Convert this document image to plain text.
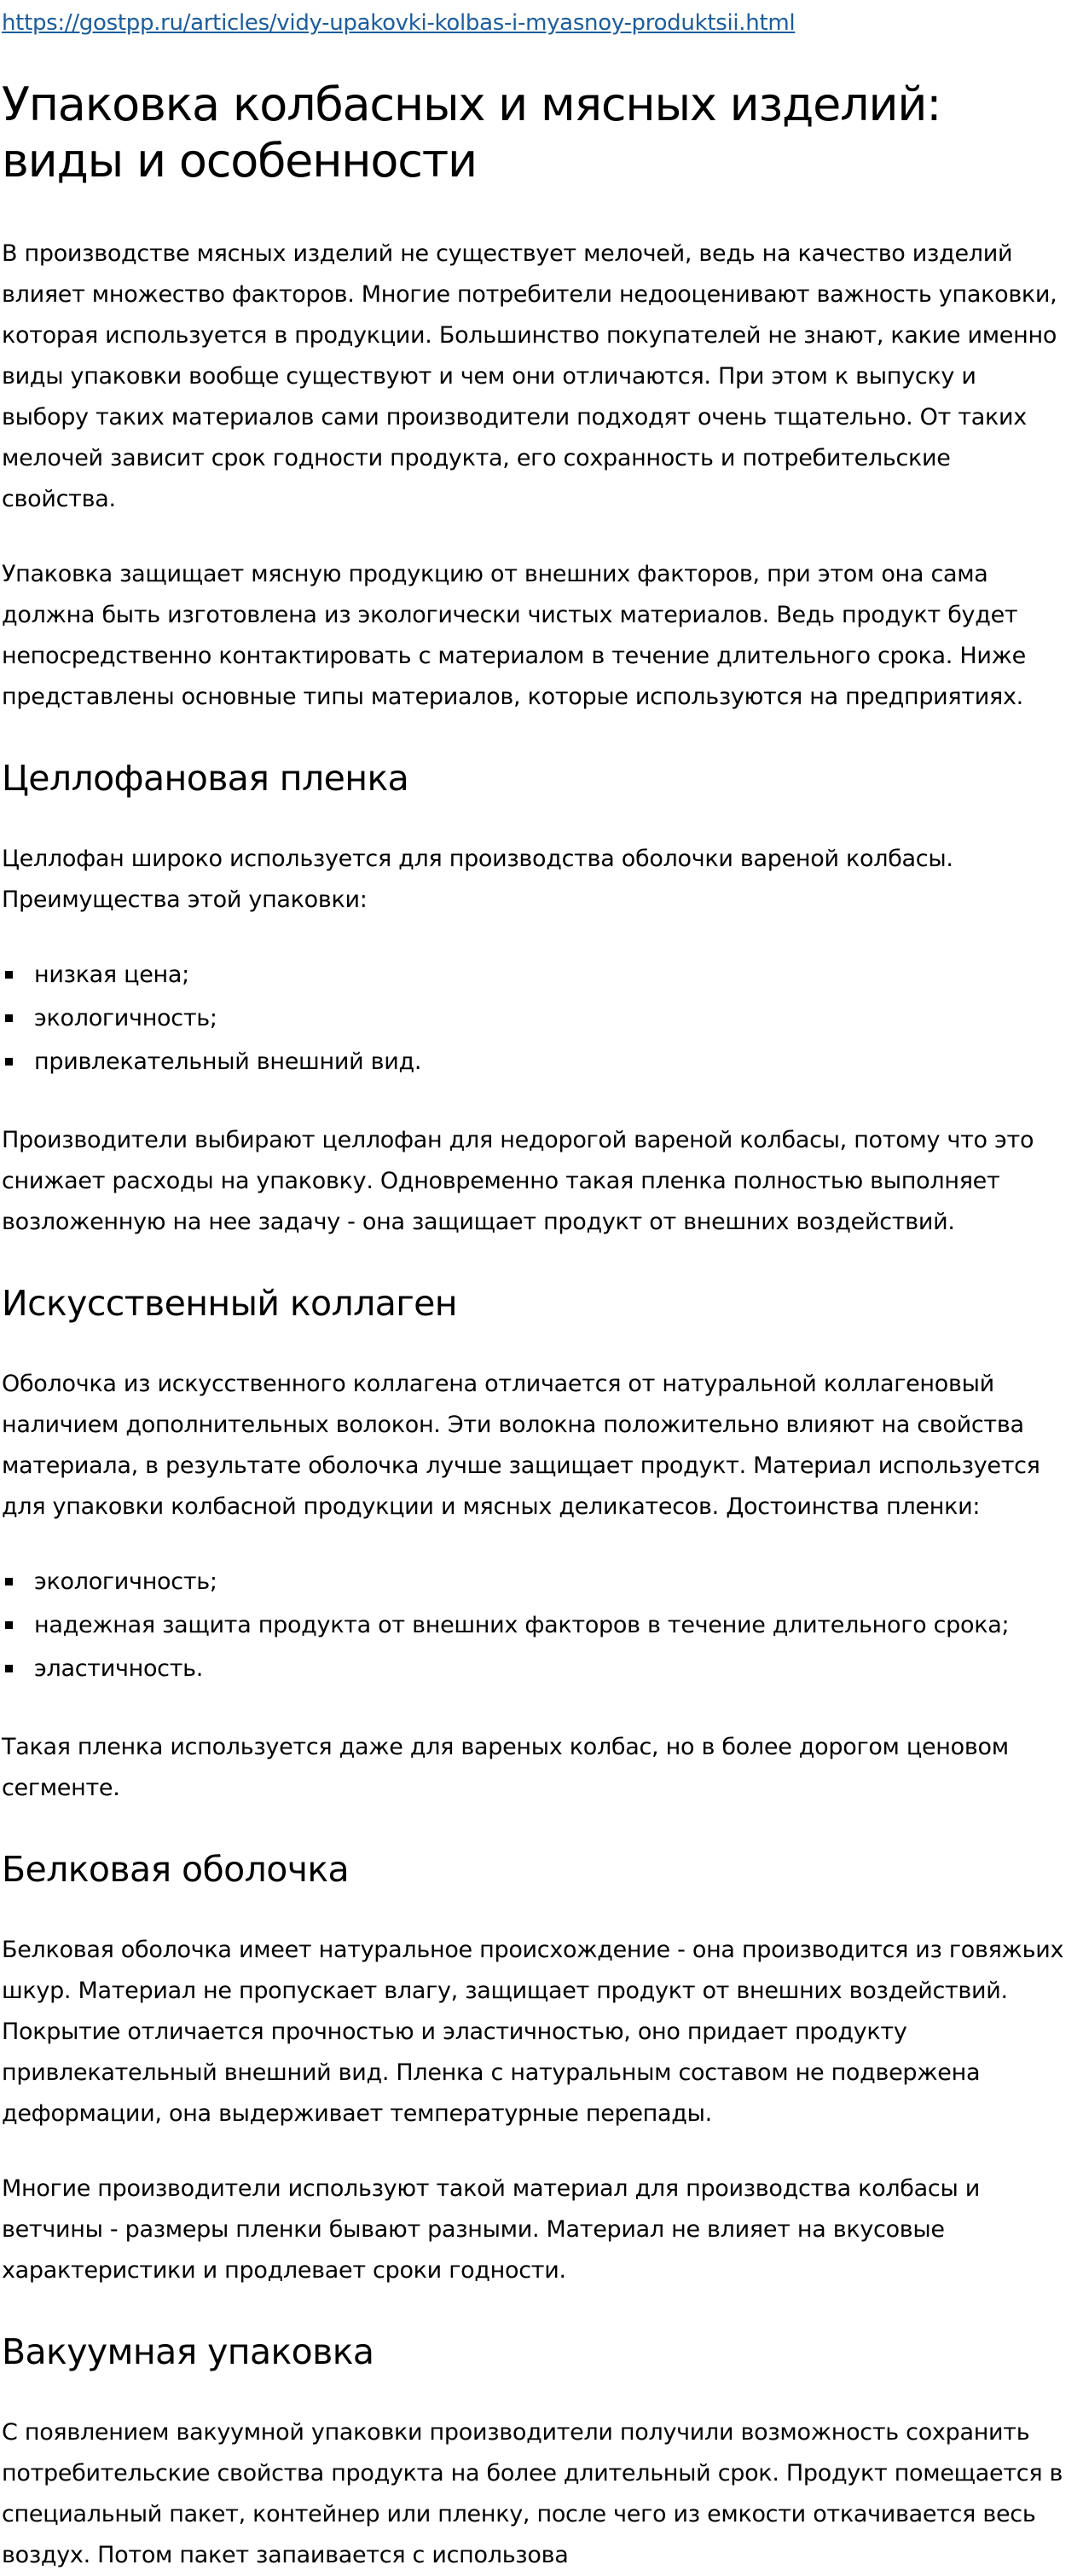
https://gostpp.ru/articles/vidy-upakovki-kolbas-i-myasnoy-produktsii.html
Упаковка колбасных и мясных изделий: виды и особенности

В производстве мясных изделий не существует мелочей, ведь на качество изделий влияет множество факторов. Многие потребители недооценивают важность упаковки, которая используется в продукции. Большинство покупателей не знают, какие именно виды упаковки вообще существуют и чем они отличаются. При этом к выпуску и выбору таких материалов сами производители подходят очень тщательно. От таких мелочей зависит срок годности продукта, его сохранность и потребительские свойства.

Упаковка защищает мясную продукцию от внешних факторов, при этом она сама должна быть изготовлена из экологически чистых материалов. Ведь продукт будет непосредственно контактировать с материалом в течение длительного срока. Ниже представлены основные типы материалов, которые используются на предприятиях.

Целлофановая пленка

Целлофан широко используется для производства оболочки вареной колбасы. Преимущества этой упаковки:

низкая цена;
экологичность;
привлекательный внешний вид.

Производители выбирают целлофан для недорогой вареной колбасы, потому что это снижает расходы на упаковку. Одновременно такая пленка полностью выполняет возложенную на нее задачу - она защищает продукт от внешних воздействий.

Искусственный коллаген

Оболочка из искусственного коллагена отличается от натуральной коллагеновый наличием дополнительных волокон. Эти волокна положительно влияют на свойства материала, в результате оболочка лучше защищает продукт. Материал используется для упаковки колбасной продукции и мясных деликатесов. Достоинства пленки:

экологичность;
надежная защита продукта от внешних факторов в течение длительного срока;
эластичность.

Такая пленка используется даже для вареных колбас, но в более дорогом ценовом сегменте.

Белковая оболочка

Белковая оболочка имеет натуральное происхождение - она производится из говяжьих шкур. Материал не пропускает влагу, защищает продукт от внешних воздействий. Покрытие отличается прочностью и эластичностью, оно придает продукту привлекательный внешний вид. Пленка с натуральным составом не подвержена деформации, она выдерживает температурные перепады.

Многие производители используют такой материал для производства колбасы и ветчины - размеры пленки бывают разными. Материал не влияет на вкусовые характеристики и продлевает сроки годности.

Вакуумная упаковка

С появлением вакуумной упаковки производители получили возможность сохранить потребительские свойства продукта на более длительный срок. Продукт помещается в специальный пакет, контейнер или пленку, после чего из емкости откачивается весь воздух. Потом пакет запаивается с использова
